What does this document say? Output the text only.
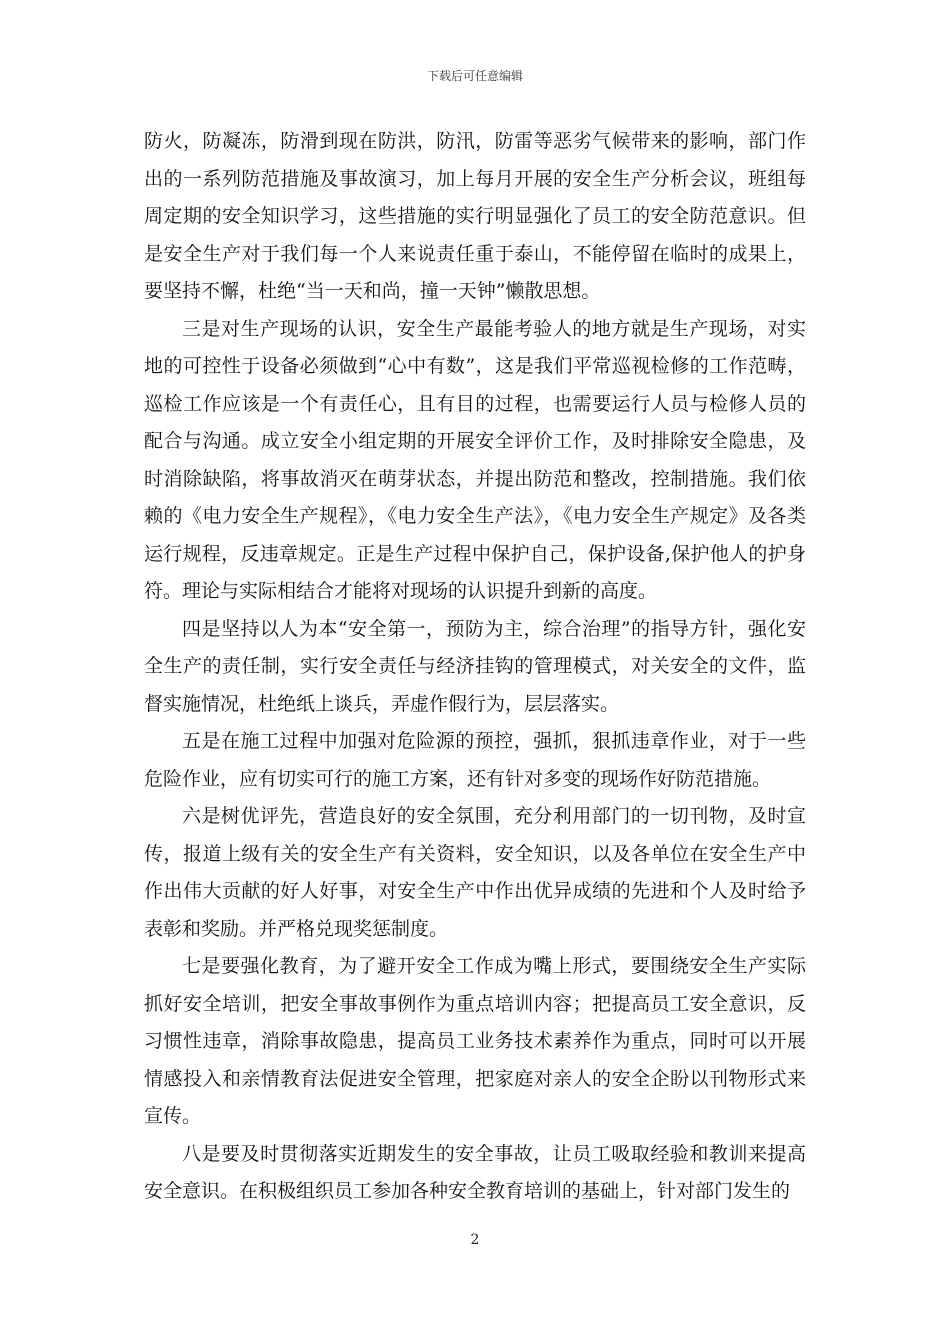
下载后可任意编辑

防火，防凝冻，防滑到现在防洪，防汛，防雷等恶劣气候带来的影响，部门作出的一系列防范措施及事故演习，加上每月开展的安全生产分析会议，班组每周定期的安全知识学习，这些措施的实行明显强化了员工的安全防范意识。但是安全生产对于我们每一个人来说责任重于泰山，不能停留在临时的成果上，要坚持不懈，杜绝“当一天和尚，撞一天钟”懒散思想。

三是对生产现场的认识，安全生产最能考验人的地方就是生产现场，对实地的可控性于设备必须做到“心中有数”，这是我们平常巡视检修的工作范畴，巡检工作应该是一个有责任心，且有目的过程，也需要运行人员与检修人员的配合与沟通。成立安全小组定期的开展安全评价工作，及时排除安全隐患，及时消除缺陷，将事故消灭在萌芽状态，并提出防范和整改，控制措施。我们依赖的《电力安全生产规程》，《电力安全生产法》，《电力安全生产规定》及各类运行规程，反违章规定。正是生产过程中保护自己，保护设备,保护他人的护身符。理论与实际相结合才能将对现场的认识提升到新的高度。

四是坚持以人为本“安全第一，预防为主，综合治理”的指导方针，强化安全生产的责任制，实行安全责任与经济挂钩的管理模式，对关安全的文件，监督实施情况，杜绝纸上谈兵，弄虚作假行为，层层落实。

五是在施工过程中加强对危险源的预控，强抓，狠抓违章作业，对于一些危险作业，应有切实可行的施工方案，还有针对多变的现场作好防范措施。

六是树优评先，营造良好的安全氛围，充分利用部门的一切刊物，及时宣传，报道上级有关的安全生产有关资料，安全知识，以及各单位在安全生产中作出伟大贡献的好人好事，对安全生产中作出优异成绩的先进和个人及时给予表彰和奖励。并严格兑现奖惩制度。

七是要强化教育，为了避开安全工作成为嘴上形式，要围绕安全生产实际抓好安全培训，把安全事故事例作为重点培训内容；把提高员工安全意识，反习惯性违章，消除事故隐患，提高员工业务技术素养作为重点，同时可以开展情感投入和亲情教育法促进安全管理，把家庭对亲人的安全企盼以刊物形式来宣传。

八是要及时贯彻落实近期发生的安全事故，让员工吸取经验和教训来提高安全意识。在积极组织员工参加各种安全教育培训的基础上，针对部门发生的

2
